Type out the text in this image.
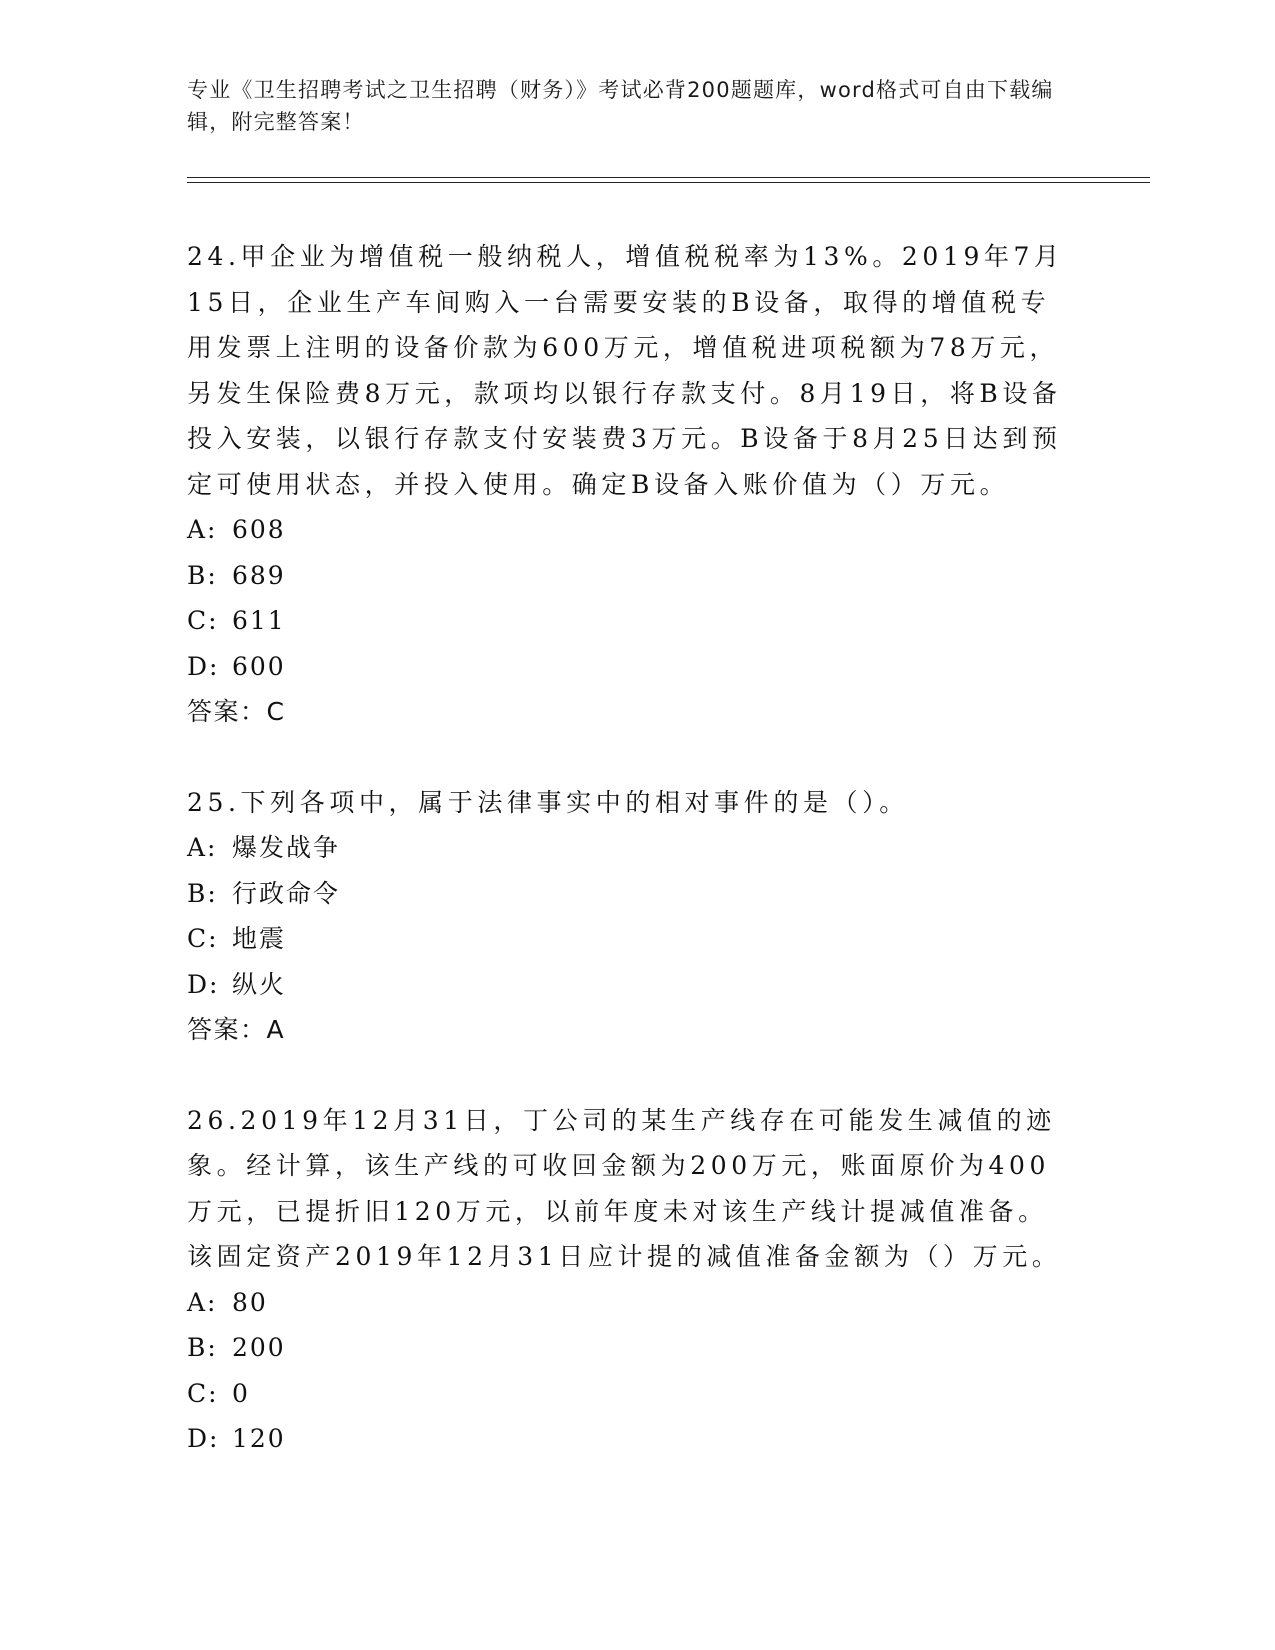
专业《卫生招聘考试之卫生招聘（财务）》考试必背200题题库，word格式可自由下载编辑，附完整答案！

24.甲企业为增值税一般纳税人，增值税税率为13%。2019年7月15日，企业生产车间购入一台需要安装的B设备，取得的增值税专用发票上注明的设备价款为600万元，增值税进项税额为78万元，另发生保险费8万元，款项均以银行存款支付。8月19日，将B设备投入安装，以银行存款支付安装费3万元。B设备于8月25日达到预定可使用状态，并投入使用。确定B设备入账价值为（）万元。

A: 608

B: 689

C: 611

D: 600

答案：C

25.下列各项中，属于法律事实中的相对事件的是（）。

A: 爆发战争

B: 行政命令

C: 地震

D: 纵火

答案：A

26.2019年12月31日，丁公司的某生产线存在可能发生减值的迹象。经计算，该生产线的可收回金额为200万元，账面原价为400万元，已提折旧120万元，以前年度未对该生产线计提减值准备。该固定资产2019年12月31日应计提的减值准备金额为（）万元。

A: 80

B: 200

C: 0

D: 120
